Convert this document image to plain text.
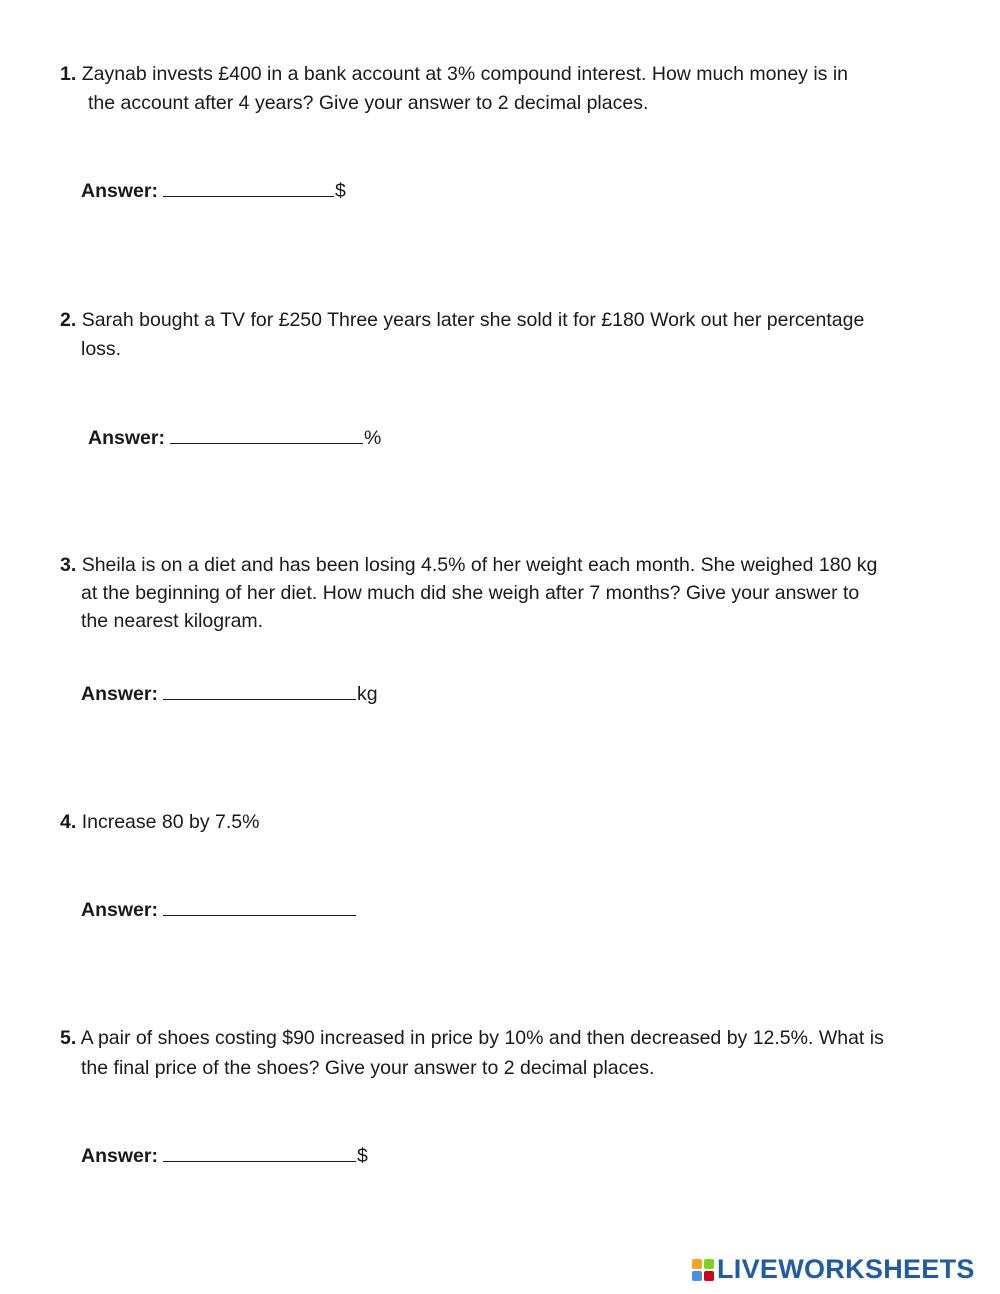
1. Zaynab invests £400 in a bank account at 3% compound interest. How much money is in

the account after 4 years? Give your answer to 2 decimal places.

Answer:	$

2. Sarah bought a TV for £250 Three years later she sold it for £180 Work out her percentage

loss.

Answer:	%

3. Sheila is on a diet and has been losing 4.5% of her weight each month. She weighed 180 kg

at the beginning of her diet. How much did she weigh after 7 months? Give your answer to

the nearest kilogram.

Answer:	kg

4. Increase 80 by 7.5%

Answer:

5. A pair of shoes costing $90 increased in price by 10% and then decreased by 12.5%. What is

the final price of the shoes? Give your answer to 2 decimal places.

Answer:	$
LIVEWORKSHEETS
